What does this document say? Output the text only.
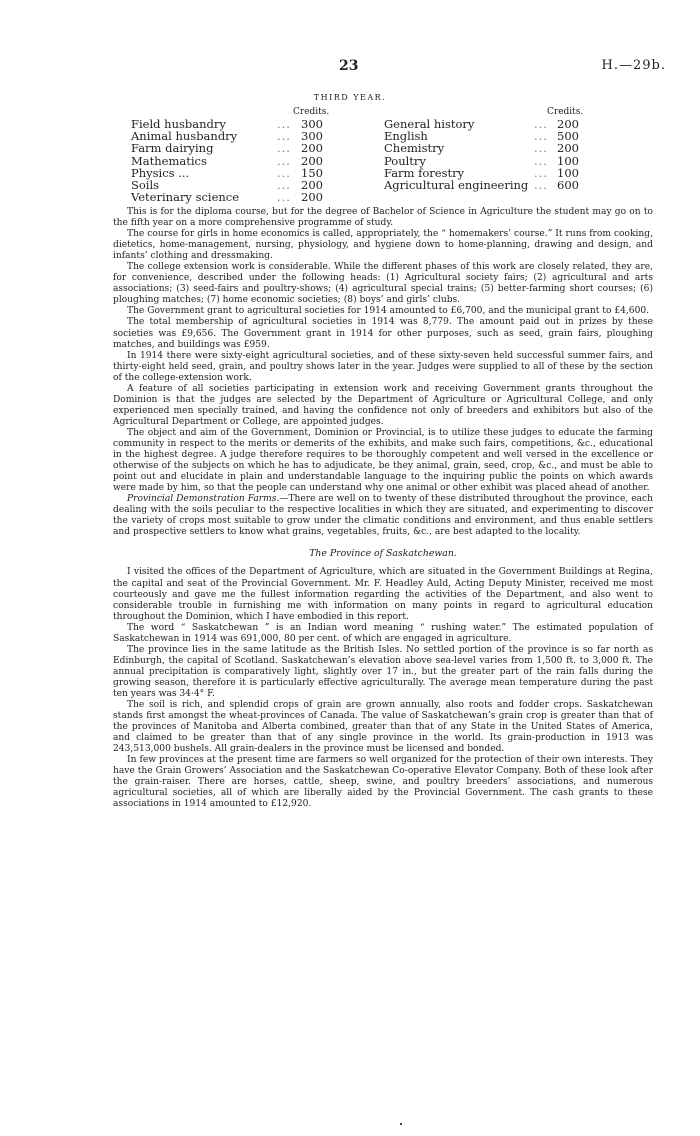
23	H.—29b.
THIRD YEAR.
Credits.	Credits.
Field husbandry	... 300
Animal husbandry	... 300
Farm dairying	... 200
Mathematics	... 200
Physics ...	... 150
Soils	... 200
Veterinary science	... 200
General history	... 200
English	... 500
Chemistry	... 200
Poultry	... 100
Farm forestry	... 100
Agricultural engineering ... 600

This is for the diploma course, but for the degree of Bachelor of Science in Agriculture the student may go on to the fifth year on a more comprehensive programme of study.

The course for girls in home economics is called, appropriately, the “ homemakers’ course.” It runs from cooking, dietetics, home-management, nursing, physiology, and hygiene down to home-planning, drawing and design, and infants’ clothing and dressmaking.

The college extension work is considerable. While the different phases of this work are closely related, they are, for convenience, described under the following heads: (1) Agricultural society fairs; (2) agricultural and arts associations; (3) seed-fairs and poultry-shows; (4) agricultural special trains; (5) better-farming short courses; (6) ploughing matches; (7) home economic societies; (8) boys’ and girls’ clubs.

The Government grant to agricultural societies for 1914 amounted to £6,700, and the municipal grant to £4,600.

The total membership of agricultural societies in 1914 was 8,779. The amount paid out in prizes by these societies was £9,656. The Government grant in 1914 for other purposes, such as seed, grain fairs, ploughing matches, and buildings was £959.

In 1914 there were sixty-eight agricultural societies, and of these sixty-seven held successful summer fairs, and thirty-eight held seed, grain, and poultry shows later in the year. Judges were supplied to all of these by the section of the college-extension work.

A feature of all societies participating in extension work and receiving Government grants throughout the Dominion is that the judges are selected by the Department of Agriculture or Agricultural College, and only experienced men specially trained, and having the confidence not only of breeders and exhibitors but also of the Agricultural Department or College, are appointed judges.

The object and aim of the Government, Dominion or Provincial, is to utilize these judges to educate the farming community in respect to the merits or demerits of the exhibits, and make such fairs, competitions, &c., educational in the highest degree. A judge therefore requires to be thoroughly competent and well versed in the excellence or otherwise of the subjects on which he has to adjudicate, be they animal, grain, seed, crop, &c., and must be able to point out and elucidate in plain and understandable language to the inquiring public the points on which awards were made by him, so that the people can understand why one animal or other exhibit was placed ahead of another.

Provincial Demonstration Farms.—There are well on to twenty of these distributed throughout the province, each dealing with the soils peculiar to the respective localities in which they are situated, and experimenting to discover the variety of crops most suitable to grow under the climatic conditions and environment, and thus enable settlers and prospective settlers to know what grains, vegetables, fruits, &c., are best adapted to the locality.

The Province of Saskatchewan.

I visited the offices of the Department of Agriculture, which are situated in the Government Buildings at Regina, the capital and seat of the Provincial Government. Mr. F. Headley Auld, Acting Deputy Minister, received me most courteously and gave me the fullest information regarding the activities of the Department, and also went to considerable trouble in furnishing me with information on many points in regard to agricultural education throughout the Dominion, which I have embodied in this report.

The word “ Saskatchewan ” is an Indian word meaning “ rushing water.” The estimated population of Saskatchewan in 1914 was 691,000, 80 per cent. of which are engaged in agriculture.

The province lies in the same latitude as the British Isles. No settled portion of the province is so far north as Edinburgh, the capital of Scotland. Saskatchewan’s elevation above sea-level varies from 1,500 ft. to 3,000 ft. The annual precipitation is comparatively light, slightly over 17 in., but the greater part of the rain falls during the growing season, therefore it is particularly effective agriculturally. The average mean temperature during the past ten years was 34·4° F.

The soil is rich, and splendid crops of grain are grown annually, also roots and fodder crops. Saskatchewan stands first amongst the wheat-provinces of Canada. The value of Saskatchewan’s grain crop is greater than that of the provinces of Manitoba and Alberta combined, greater than that of any State in the United States of America, and claimed to be greater than that of any single province in the world. Its grain-production in 1913 was 243,513,000 bushels. All grain-dealers in the province must be licensed and bonded.

In few provinces at the present time are farmers so well organized for the protection of their own interests. They have the Grain Growers’ Association and the Saskatchewan Co-operative Elevator Company. Both of these look after the grain-raiser. There are horses, cattle, sheep, swine, and poultry breeders’ associations, and numerous agricultural societies, all of which are liberally aided by the Provincial Government. The cash grants to these associations in 1914 amounted to £12,920.
